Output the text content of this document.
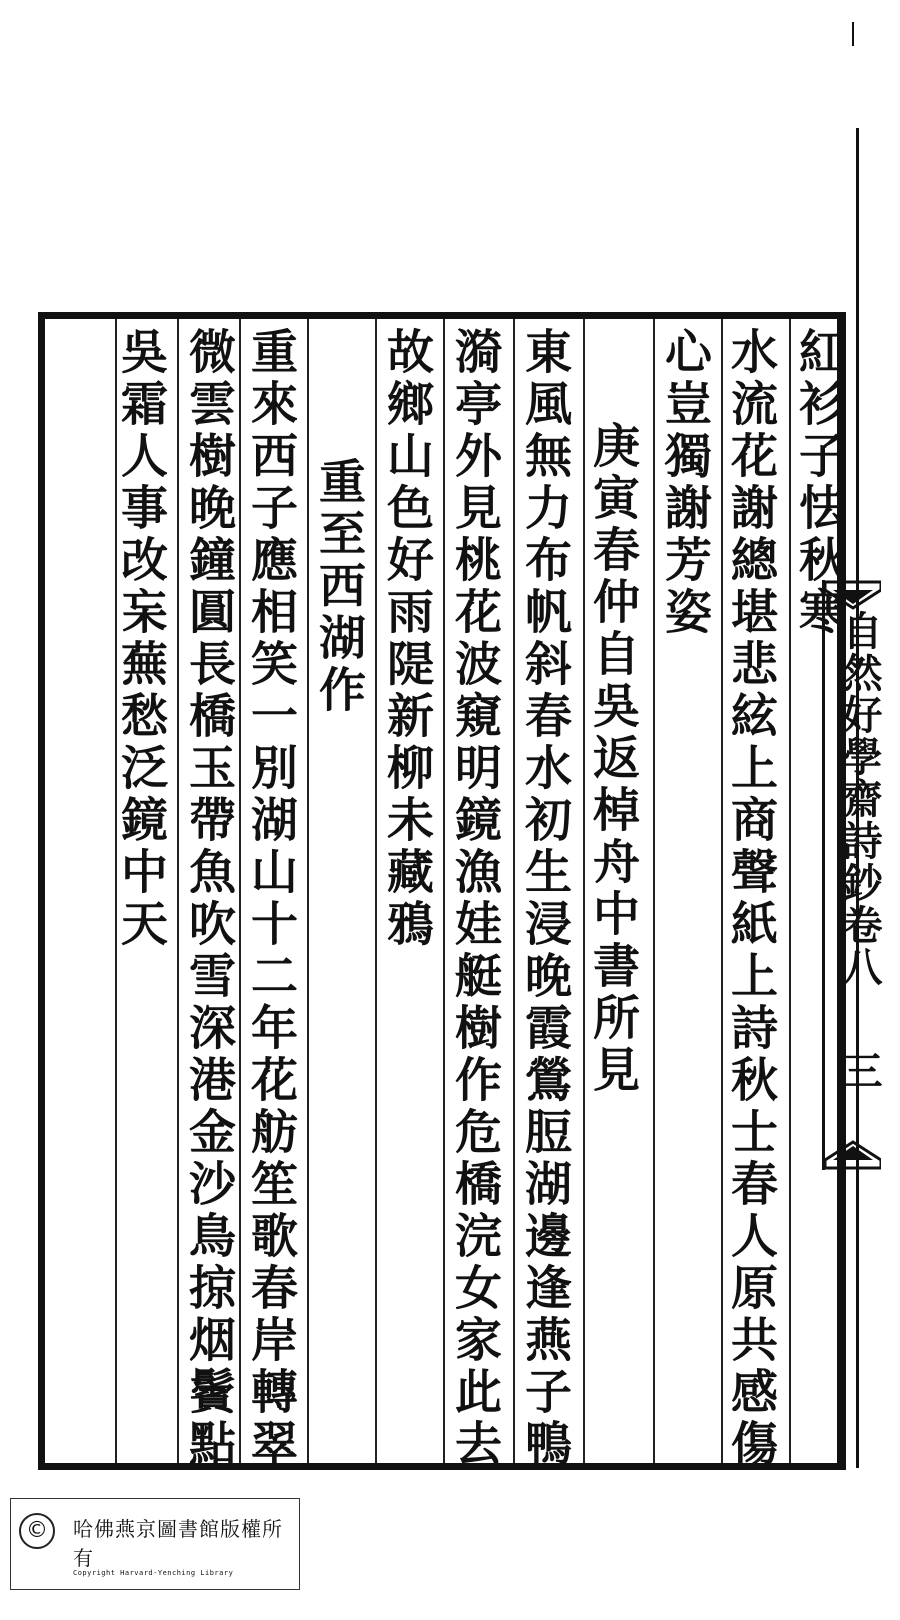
紅衫子怯秋寒
水流花謝總堪悲絃上商聲紙上詩秋士春人原共感傷
心豈獨謝芳姿
庚寅春仲自吳返棹舟中書所見
東風無力布帆斜春水初生浸晚霞鶯脰湖邊逢燕子鴨
漪亭外見桃花波窺明鏡漁娃艇樹作危橋浣女家此去
故鄉山色好雨隄新柳未藏鴉
重至西湖作
重來西子應相笑一別湖山十二年花舫笙歌春岸轉翠
微雲樹晚鐘圓長橋玉帶魚吹雪深港金沙鳥掠烟鬢點
吳霜人事改杗蕪愁泛鏡中天	自然好學齋詩鈔卷八
三
©	哈佛燕京圖書館版權所有
Copyright Harvard-Yenching Library
